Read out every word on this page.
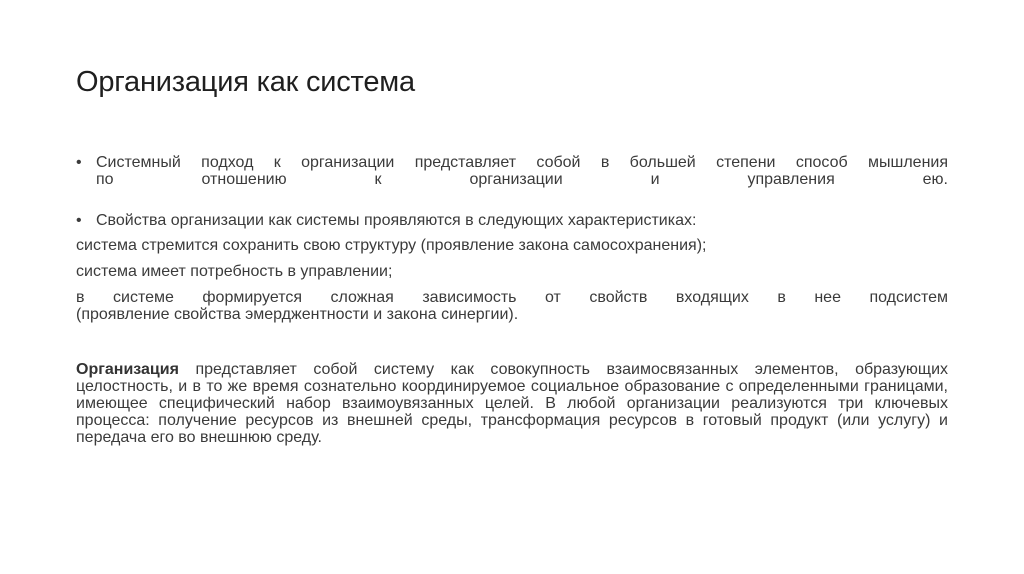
Организация как система
• Системный подход к организации представляет собой в большей степени способ мышления
по отношению к организации и управления ею.
• Свойства организации как системы проявляются в следующих характеристиках:
система стремится сохранить свою структуру (проявление закона самосохранения);
система имеет потребность в управлении;
в системе формируется сложная зависимость от свойств входящих в нее подсистем
(проявление свойства эмерджентности и закона синергии).
Организация представляет собой систему как совокупность взаимосвязанных элементов, образующих целостность, и в то же время сознательно координируемое социальное образование с определенными границами, имеющее специфический набор взаимоувязанных целей. В любой организации реализуются три ключевых процесса: получение ресурсов из внешней среды, трансформация ресурсов в готовый продукт (или услугу) и передача его во внешнюю среду.
